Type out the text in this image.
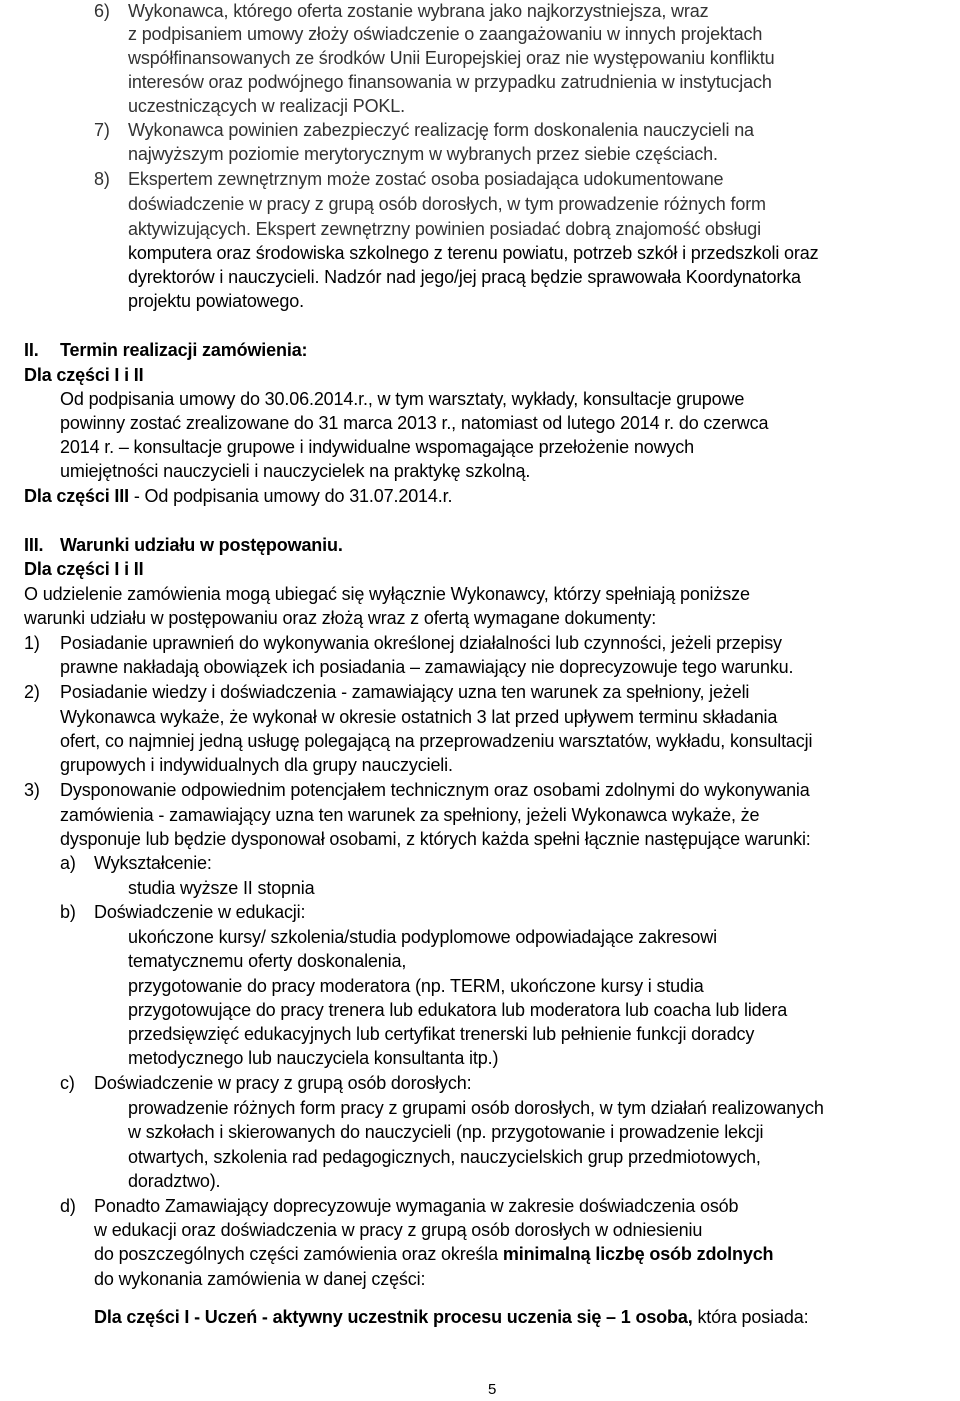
6) Wykonawca, którego oferta zostanie wybrana jako najkorzystniejsza, wraz
z podpisaniem umowy złoży oświadczenie o zaangażowaniu w innych projektach
współfinansowanych ze środków Unii Europejskiej oraz nie występowaniu konfliktu
interesów oraz podwójnego finansowania w przypadku zatrudnienia w instytucjach
uczestniczących w realizacji POKL.
7) Wykonawca powinien zabezpieczyć realizację form doskonalenia nauczycieli na
najwyższym poziomie merytorycznym w wybranych przez siebie częściach.
8) Ekspertem zewnętrznym może zostać osoba posiadająca udokumentowane
doświadczenie w pracy z grupą osób dorosłych, w tym prowadzenie różnych form
aktywizujących. Ekspert zewnętrzny powinien posiadać dobrą znajomość obsługi
komputera oraz środowiska szkolnego z terenu powiatu, potrzeb szkół i przedszkoli oraz
dyrektorów i nauczycieli. Nadzór nad jego/jej pracą będzie sprawowała Koordynatorka
projektu powiatowego.
II. Termin realizacji zamówienia:
Dla części I i II
Od podpisania umowy do 30.06.2014.r., w tym warsztaty, wykłady, konsultacje grupowe
powinny zostać zrealizowane do 31 marca 2013 r., natomiast od lutego 2014 r. do czerwca
2014 r. – konsultacje grupowe i indywidualne wspomagające przełożenie nowych
umiejętności nauczycieli i nauczycielek na praktykę szkolną.
Dla części III - Od podpisania umowy do 31.07.2014.r.
III. Warunki udziału w postępowaniu.
Dla części I i II
O udzielenie zamówienia mogą ubiegać się wyłącznie Wykonawcy, którzy spełniają poniższe
warunki udziału w postępowaniu oraz złożą wraz z ofertą wymagane dokumenty:
1) Posiadanie uprawnień do wykonywania określonej działalności lub czynności, jeżeli przepisy
prawne nakładają obowiązek ich posiadania – zamawiający nie doprecyzowuje tego warunku.
2) Posiadanie wiedzy i doświadczenia - zamawiający uzna ten warunek za spełniony, jeżeli
Wykonawca wykaże, że wykonał w okresie ostatnich 3 lat przed upływem terminu składania
ofert, co najmniej jedną usługę polegającą na przeprowadzeniu warsztatów, wykładu, konsultacji
grupowych i indywidualnych dla grupy nauczycieli.
3) Dysponowanie odpowiednim potencjałem technicznym oraz osobami zdolnymi do wykonywania
zamówienia - zamawiający uzna ten warunek za spełniony, jeżeli Wykonawca wykaże, że
dysponuje lub będzie dysponował osobami, z których każda spełni łącznie następujące warunki:
a) Wykształcenie:
studia wyższe II stopnia
b) Doświadczenie w edukacji:
ukończone kursy/ szkolenia/studia podyplomowe odpowiadające zakresowi
tematycznemu oferty doskonalenia,
przygotowanie do pracy moderatora (np. TERM, ukończone kursy i studia
przygotowujące do pracy trenera lub edukatora lub moderatora lub coacha lub lidera
przedsięwzięć edukacyjnych lub certyfikat trenerski lub pełnienie funkcji doradcy
metodycznego lub nauczyciela konsultanta itp.)
c) Doświadczenie w pracy z grupą osób dorosłych:
prowadzenie różnych form pracy z grupami osób dorosłych, w tym działań realizowanych
w szkołach i skierowanych do nauczycieli (np. przygotowanie i prowadzenie lekcji
otwartych, szkolenia rad pedagogicznych, nauczycielskich grup przedmiotowych,
doradztwo).
d) Ponadto Zamawiający doprecyzowuje wymagania w zakresie doświadczenia osób
w edukacji oraz doświadczenia w pracy z grupą osób dorosłych w odniesieniu
do poszczególnych części zamówienia oraz określa minimalną liczbę osób zdolnych
do wykonania zamówienia w danej części:
Dla części I - Uczeń - aktywny uczestnik procesu uczenia się – 1 osoba, która posiada:
5
